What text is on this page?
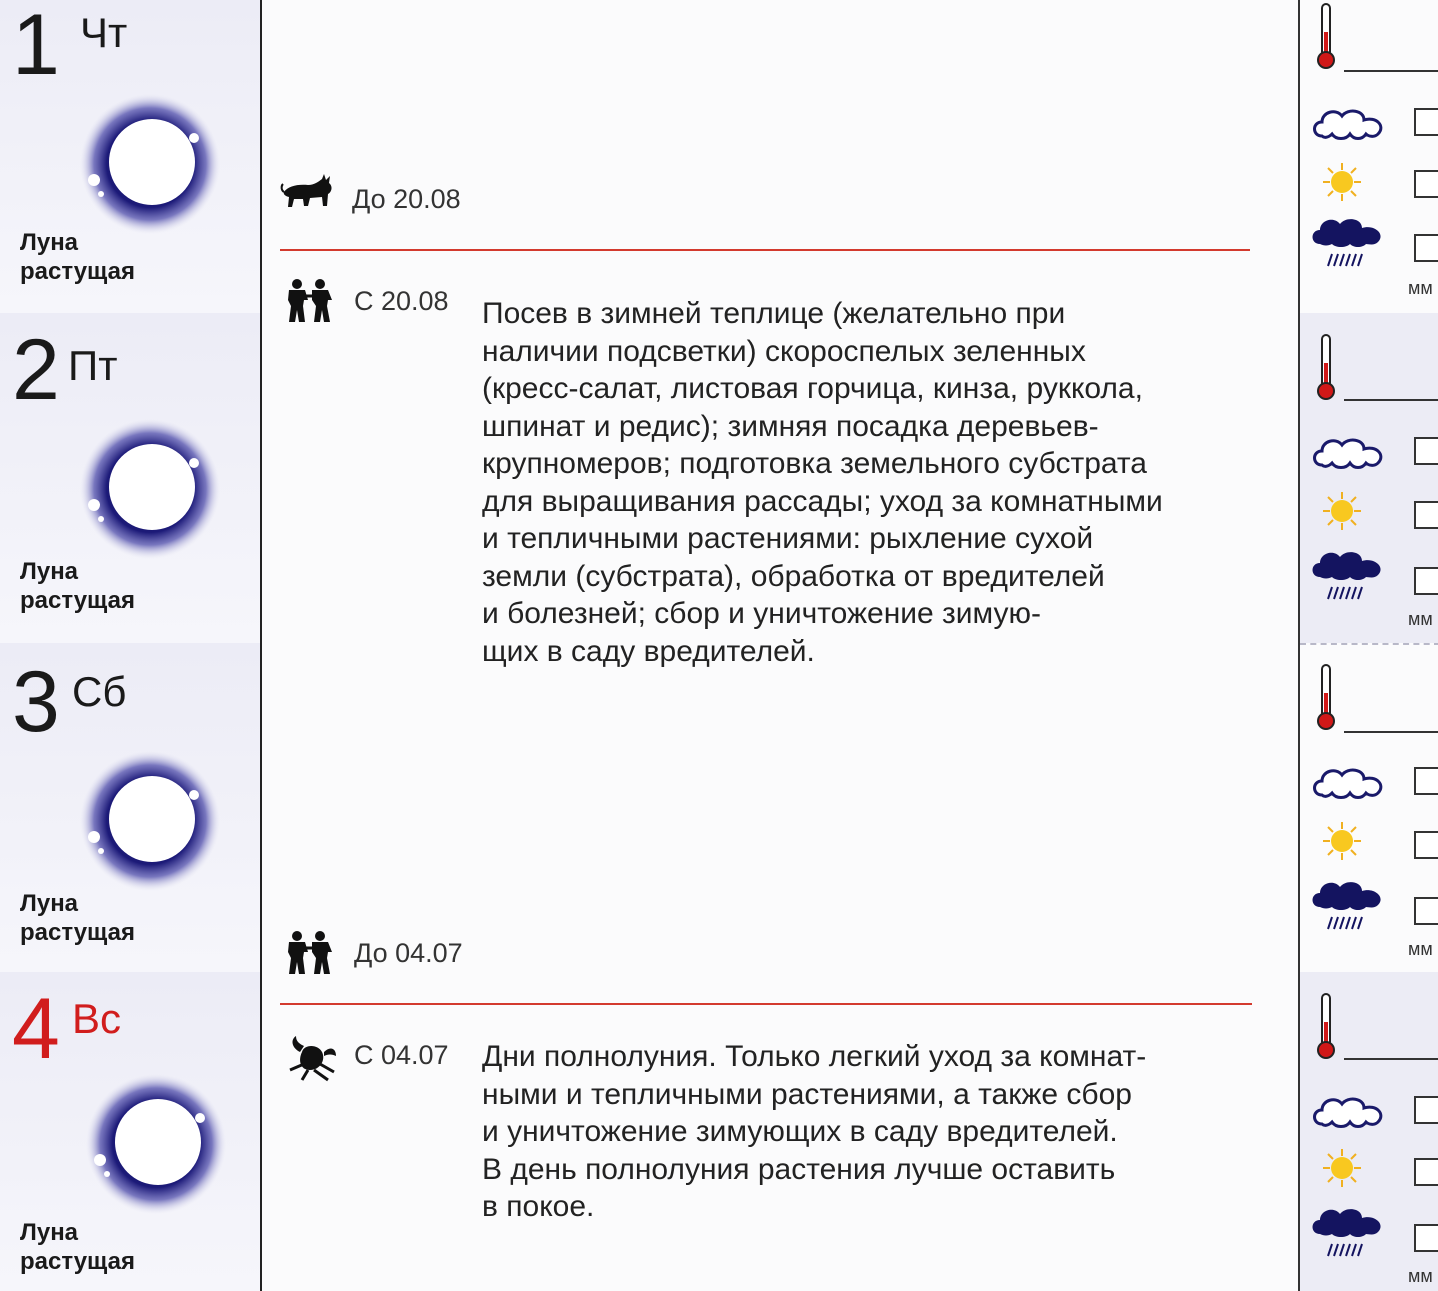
1 Чт
Луна
растущая
2 Пт
Луна
растущая
3 Сб
Луна
растущая
4 Вс
Луна
растущая
До 20.08
С 20.08 Посев в зимней теплице (желательно при
наличии подсветки) скороспелых зеленных
(кресс-салат, листовая горчица, кинза, руккола,
шпинат и редис); зимняя посадка деревьев-
крупномеров; подготовка земельного субстрата
для выращивания рассады; уход за комнатными
и тепличными растениями: рыхление сухой
земли (субстрата), обработка от вредителей
и болезней; сбор и уничтожение зимую-
щих в саду вредителей.
До 04.07
С 04.07 Дни полнолуния. Только легкий уход за комнат-
ными и тепличными растениями, а также сбор
и уничтожение зимующих в саду вредителей.
В день полнолуния растения лучше оставить
в покое.
мм
мм
мм
мм
